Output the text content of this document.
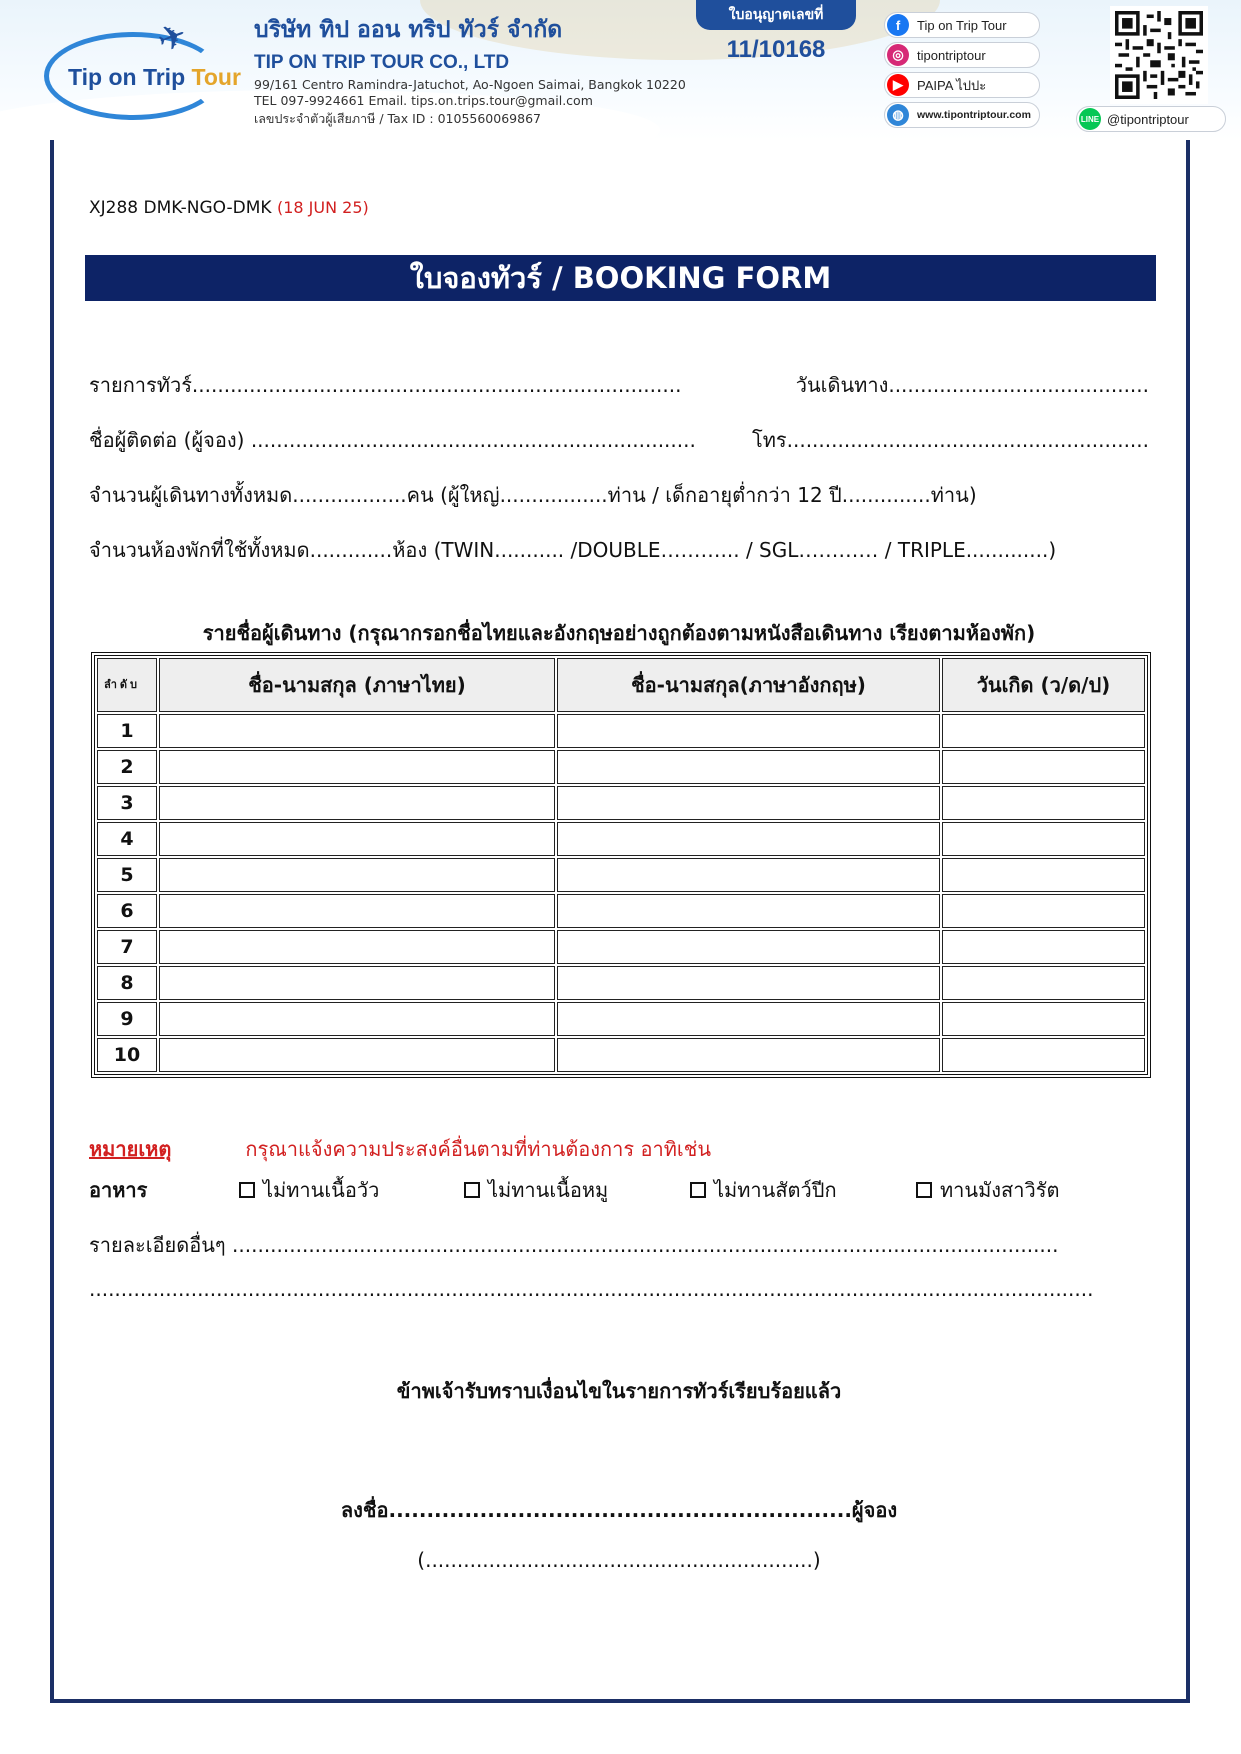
✈
Tip on Trip Tour
บริษัท ทิป ออน ทริป ทัวร์ จำกัด
TIP ON TRIP TOUR CO., LTD
99/161 Centro Ramindra-Jatuchot, Ao-Ngoen Saimai, Bangkok 10220
TEL 097-9924661 Email. tips.on.trips.tour@gmail.com
เลขประจำตัวผู้เสียภาษี / Tax ID : 0105560069867
ใบอนุญาตเลขที่
11/10168
f	Tip on Trip Tour
◎	tipontriptour
▶	PAIPA ไปปะ
◍	www.tipontriptour.com	LINE @tipontriptour
XJ288 DMK-NGO-DMK (18 JUN 25)
ใบจองทัวร์ / BOOKING FORM
รายการทัวร์.............................................................................	วันเดินทาง.........................................
ชื่อผู้ติดต่อ (ผู้จอง) ......................................................................	โทร.........................................................
จำนวนผู้เดินทางทั้งหมด..................คน (ผู้ใหญ่.................ท่าน / เด็กอายุต่ำกว่า 12 ปี..............ท่าน)
จำนวนห้องพักที่ใช้ทั้งหมด.............ห้อง (TWIN........... /DOUBLE………... / SGL………… / TRIPLE.............)
รายชื่อผู้เดินทาง (กรุณากรอกชื่อไทยและอังกฤษอย่างถูกต้องตามหนังสือเดินทาง เรียงตามห้องพัก)
ลำดับ	ชื่อ-นามสกุล (ภาษาไทย)	ชื่อ-นามสกุล(ภาษาอังกฤษ)	วันเกิด (ว/ด/ป)
1			
2			
3			
4			
5			
6			
7			
8			
9			
10			
หมายเหตุ	กรุณาแจ้งความประสงค์อื่นตามที่ท่านต้องการ อาทิเช่น
อาหาร	ไม่ทานเนื้อวัว	ไม่ทานเนื้อหมู	ไม่ทานสัตว์ปีก	ทานมังสาวิรัต
รายละเอียดอื่นๆ ..................................................................................................................................
..............................................................................................................................................................
ข้าพเจ้ารับทราบเงื่อนไขในรายการทัวร์เรียบร้อยแล้ว
ลงชื่อ.............................................................ผู้จอง
(.............................................................)
